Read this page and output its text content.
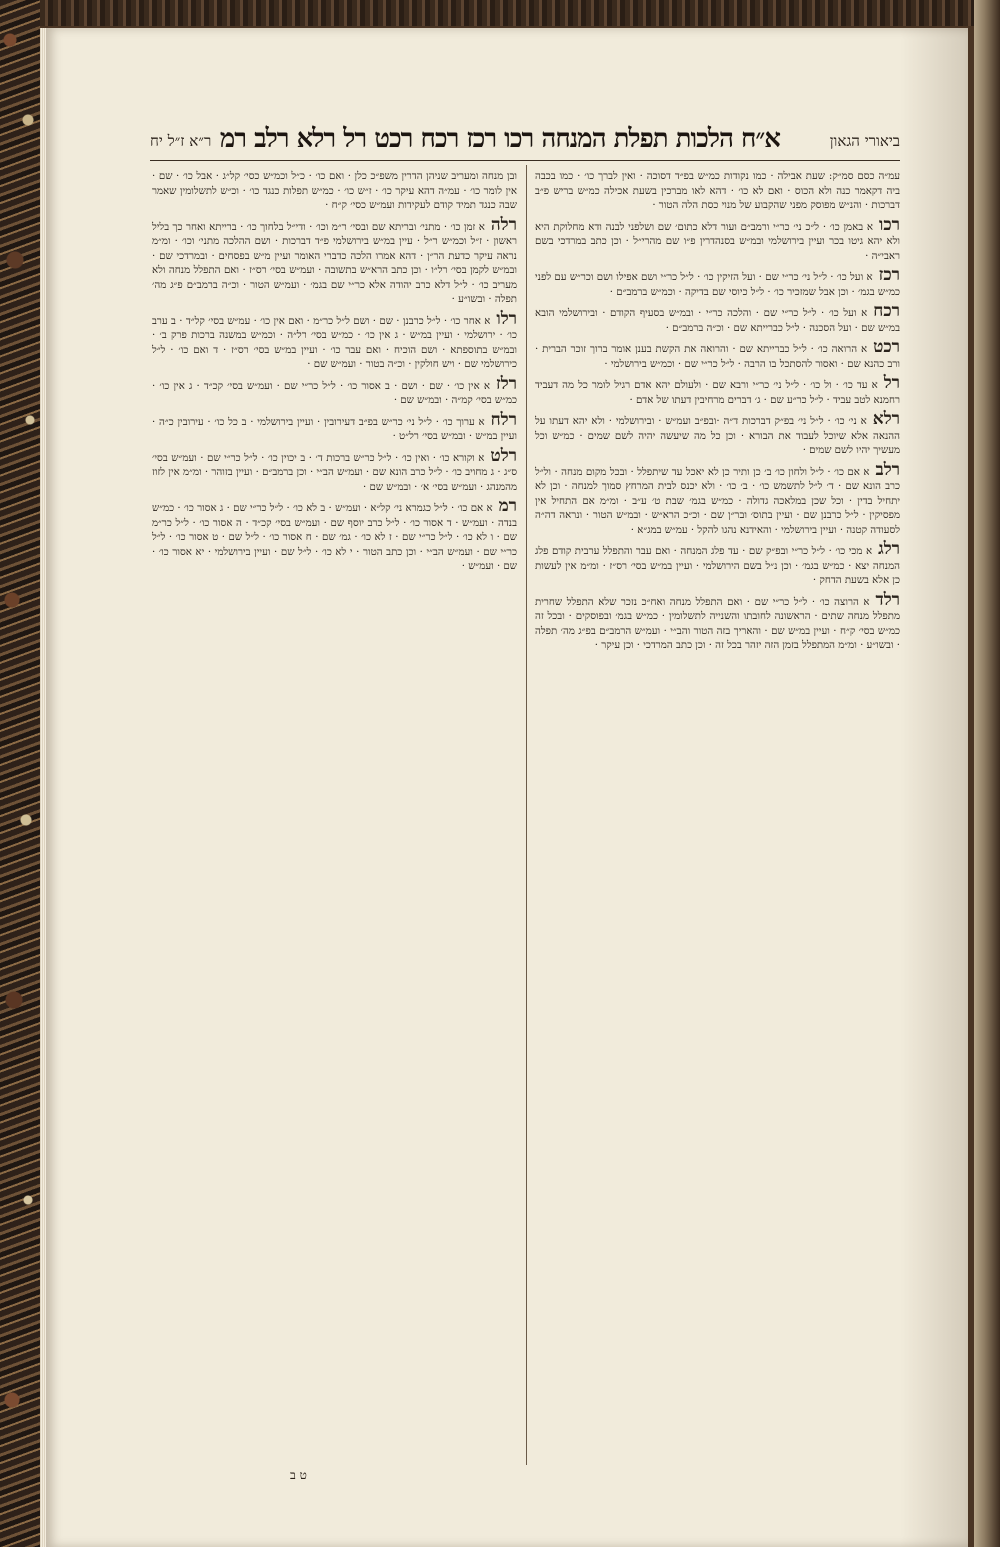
ביאורי הגאון
א״ח הלכות תפלת המנחה רכו רכז רכח רכט רל רלא רלב רמ
ר״א ז״ל יח

עמ״ה כסם סמ״ק: שעת אבילה · כמו נקודות כמ״ש בפ״ד דסוכה · ואין לברך כו׳ · כמו בכבה ביה דקאמר כנה ולא הכוס · ואם לא כו׳ · דהא לאו מברכין בשעת אכילה כמ״ש בריש פ״ב דברכות · והנ״ש מפוסק מפני שהקבוע של מנוי כסת הלה הטור ·

רכוא באמן כו׳ · ל״כ ני׳ כר״י ורמב״ם ועור דלא כתום׳ שם ושלפני לבנה ודא מחלוקת היא ולא יהא גיטו בכר ועיין בירושלמי ובמ״ש בסנהדרין פ״ו שם מהרי״ל · וכן כתב במרדכי בשם ראבי״ה ·

רכזא ועל כו׳ · ל״ל ני׳ כר״י שם · ועל הזיקין כו׳ · ל״ל כר״י ושם אפילו ושם וכר״ש עם לפני כמ״ש בגמ׳ · וכן אבל שמזכיר כו׳ · ל״ל כיוסי שם בדיקה · וכמ״ש ברמב״ם ·

רכחא ועל כו׳ · ל״ל כר״י שם · והלכה כר״י · ובמ״ש בסעיף הקודם · ובירושלמי הובא במ״ש שם · ועל הסכנה · ל״ל כברייתא שם · וכ״ה ברמב״ם ·

רכטא הרואה כו׳ · ל״ל כברייתא שם · והרואה את הקשת בענן אומר ברוך זוכר הברית · ורב כהנא שם · ואסור להסתכל בו הרבה · ל״ל כר״י שם · וכמ״ש בירושלמי ·

רלא עד כו׳ · ול כו׳ · ל״ל ני׳ כר״י ורבא שם · ולעולם יהא אדם רגיל לומר כל מה דעביד רחמנא לטב עביד · ל״ל כר״ע שם · ג׳ דברים מרחיבין דעתו של אדם ·

רלאא ני׳ כו׳ · ל״ל ני׳ בפ״ק דברכות ד״ה ·ובפ״ב ועמ״ש · ובירושלמי · ולא יהא דעתו על ההנאה אלא שיוכל לעבוד את הבורא · וכן כל מה שיעשה יהיה לשם שמים · כמ״ש וכל מעשיך יהיו לשם שמים ·

רלבא אם כו׳ · ל״ל ולחון כו׳ ב׳ כן ותיר כן לא יאכל עד שיתפלל · ובכל מקום מנחה · ול״ל כרב הונא שם · ד׳ ל״ל לתשמש כו׳ · ב׳ כו׳ · ולא יכנס לבית המרחץ סמוך למנחה · וכן לא יתחיל בדין · וכל שכן במלאכה גדולה · כמ״ש בגמ׳ שבת ט׳ ע״ב · ומ״מ אם התחיל אין מפסיקין · ל״ל כרבנן שם · ועיין בתוס׳ ובר״ן שם · וכ״כ הרא״ש · ובמ״ש הטור · ונראה דה״ה לסעודה קטנה · ועיין בירושלמי · והאידנא נהגו להקל · עמ״ש במג״א ·

רלגא מכי כו׳ · ל״ל כר״י ובפ״ק שם · עד פלג המנחה · ואם עבר והתפלל ערבית קודם פלג המנחה יצא · כמ״ש בגמ׳ · וכן נ״ל בשם הירושלמי · ועיין במ״ש בסי׳ רס״ז · ומ״מ אין לעשות כן אלא בשעת הדחק ·

רלדא הרוצה כו׳ · ל״ל כר״י שם · ואם התפלל מנחה ואח״כ נזכר שלא התפלל שחרית מתפלל מנחה שתים · הראשונה לחובתו והשנייה לתשלומין · כמ״ש בגמ׳ ובפוסקים · ובכל זה כמ״ש בסי׳ ק״ח · ועיין במ״ש שם · והאריך בזה הטור והב״י · ועמ״ש הרמב״ם בפ״ג מה׳ תפלה · ובשו״ע · ומ״מ המתפלל בזמן הזה יזהר בכל זה · וכן כתב המרדכי · וכן עיקר ·

ובן מנחה ומעריב שניהן הדרין משפ״כ כלן · ואם כו׳ · כ״ל וכמ״ש כסי׳ קל״ג · אבל כו׳ · שם · אין לומר כו׳ · עמ״ה דהא עיקר כו׳ · ז״ש כו׳ · כמ״ש תפלות כנגד כו׳ · וכ״ש לתשלומין שאמר שבה כנגד תמיד קודם לעקידות ועמ״ש כסי׳ ק״ח ·

רלהא זמן כו׳ · מתני׳ ובריתא שם ובסי׳ ר״מ וכו׳ · ודי״ל בלחוך כו׳ · ברייתא ואחר כך בליל ראשון · ז״ל וכמ״ש ר״ל · עיין במ״ש בירושלמי פ״ד דברכות · ושם ההלכה מתני׳ וכו׳ · ומ״מ נראה עיקר כדעת הר״ן · דהא אמרו הלכה כדברי האומר ועיין מ״ש בפסחים · ובמרדכי שם · ובמ״ש לקמן בסי׳ רל״ו · וכן כתב הרא״ש בתשובה · ועמ״ש בסי׳ רס״ז · ואם התפלל מנחה ולא מעריב כו׳ · ל״ל דלא כרב יהודה אלא כר״י שם בגמ׳ · ועמ״ש הטור · וכ״ה ברמב״ם פ״ג מה׳ תפלה · ובשו״ע ·

רלוא אחר כו׳ · ל״ל כרבנן · שם · ושם ל״ל כר״מ · ואם אין כו׳ · עמ״ש בסי׳ קל״ד · ב ערב כו׳ · ירושלמי · ועיין במ״ש · ג אין כו׳ · כמ״ש בסי׳ רל״ה · וכמ״ש במשנה ברכות פרק ב׳ · ובמ״ש בתוספתא · ושם הוכיח · ואם עבר כו׳ · ועיין במ״ש בסי׳ רס״ז · ד ואם כו׳ · ל״ל כירושלמי שם · ויש חולקין · וכ״ה בטור · ועמ״ש שם ·

רלזא אין כו׳ · שם · ושם · ב אסור כו׳ · ל״ל כר״י שם · ועמ״ש בסי׳ קכ״ד · ג אין כו׳ · כמ״ש בסי׳ קמ״ה · ובמ״ש שם ·

רלחא ערוך כו׳ · ל״ל ני׳ כר״ש בפ״ב דעירובין · ועיין בירושלמי · ב כל כו׳ · עירובין כ״ה · ועיין במ״ש · ובמ״ש בסי׳ רל״ט ·

רלטא וקורא כו׳ · ואין כו׳ · ל״ל כר״ש ברכות ד׳ · ב יכוין כו׳ · ל״ל כר״י שם · ועמ״ש בסי׳ ס״ג · ג מחויב כו׳ · ל״ל כרב הונא שם · ועמ״ש הב״י · וכן ברמב״ם · ועיין בזוהר · ומ״מ אין לזוז מהמנהג · ועמ״ש בסי׳ א׳ · ובמ״ש שם ·

רמא אם כו׳ · ל״ל כגמרא ני׳ קל״א · ועמ״ש · ב לא כו׳ · ל״ל כר״י שם · ג אסור כו׳ · כמ״ש בנדה · ועמ״ש · ד אסור כו׳ · ל״ל כרב יוסף שם · ועמ״ש בסי׳ קכ״ד · ה אסור כו׳ · ל״ל כר״מ שם · ו לא כו׳ · ל״ל כר״י שם · ז לא כו׳ · גמ׳ שם · ח אסור כו׳ · ל״ל שם · ט אסור כו׳ · ל״ל כר״י שם · ועמ״ש הב״י · וכן כתב הטור · י לא כו׳ · ל״ל שם · ועיין בירושלמי · יא אסור כו׳ · שם · ועמ״ש ·

ט ב
